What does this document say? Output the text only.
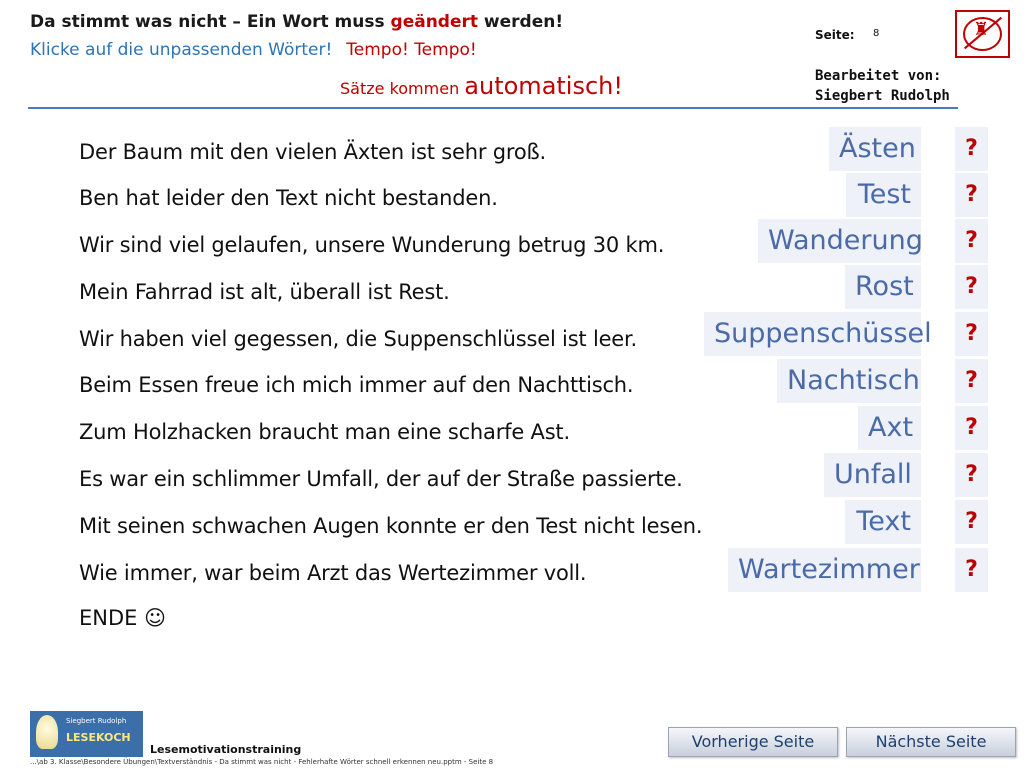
Da stimmt was nicht – Ein Wort muss geändert werden!
Klicke auf die unpassenden Wörter! Tempo! Tempo!
Sätze kommen automatisch!
Seite: 8
Bearbeitet von:
Siegbert Rudolph
♜
Der Baum mit den vielen Äxten ist sehr groß.	Ästen	?
Ben hat leider den Text nicht bestanden.	Test	?
Wir sind viel gelaufen, unsere Wunderung betrug 30 km.	Wanderung	?
Mein Fahrrad ist alt, überall ist Rest.	Rost	?
Wir haben viel gegessen, die Suppenschlüssel ist leer.	Suppenschüssel	?
Beim Essen freue ich mich immer auf den Nachttisch.	Nachtisch	?
Zum Holzhacken braucht man eine scharfe Ast.	Axt	?
Es war ein schlimmer Umfall, der auf der Straße passierte.	Unfall	?
Mit seinen schwachen Augen konnte er den Test nicht lesen.	Text	?
Wie immer, war beim Arzt das Wertezimmer voll.	Wartezimmer	?
ENDE ☺
Siegbert Rudolph
LESEKOCH
Lesemotivationstraining
...\ab 3. Klasse\Besondere Übungen\Textverständnis - Da stimmt was nicht - Fehlerhafte Wörter schnell erkennen neu.pptm - Seite 8
Vorherige Seite	Nächste Seite
